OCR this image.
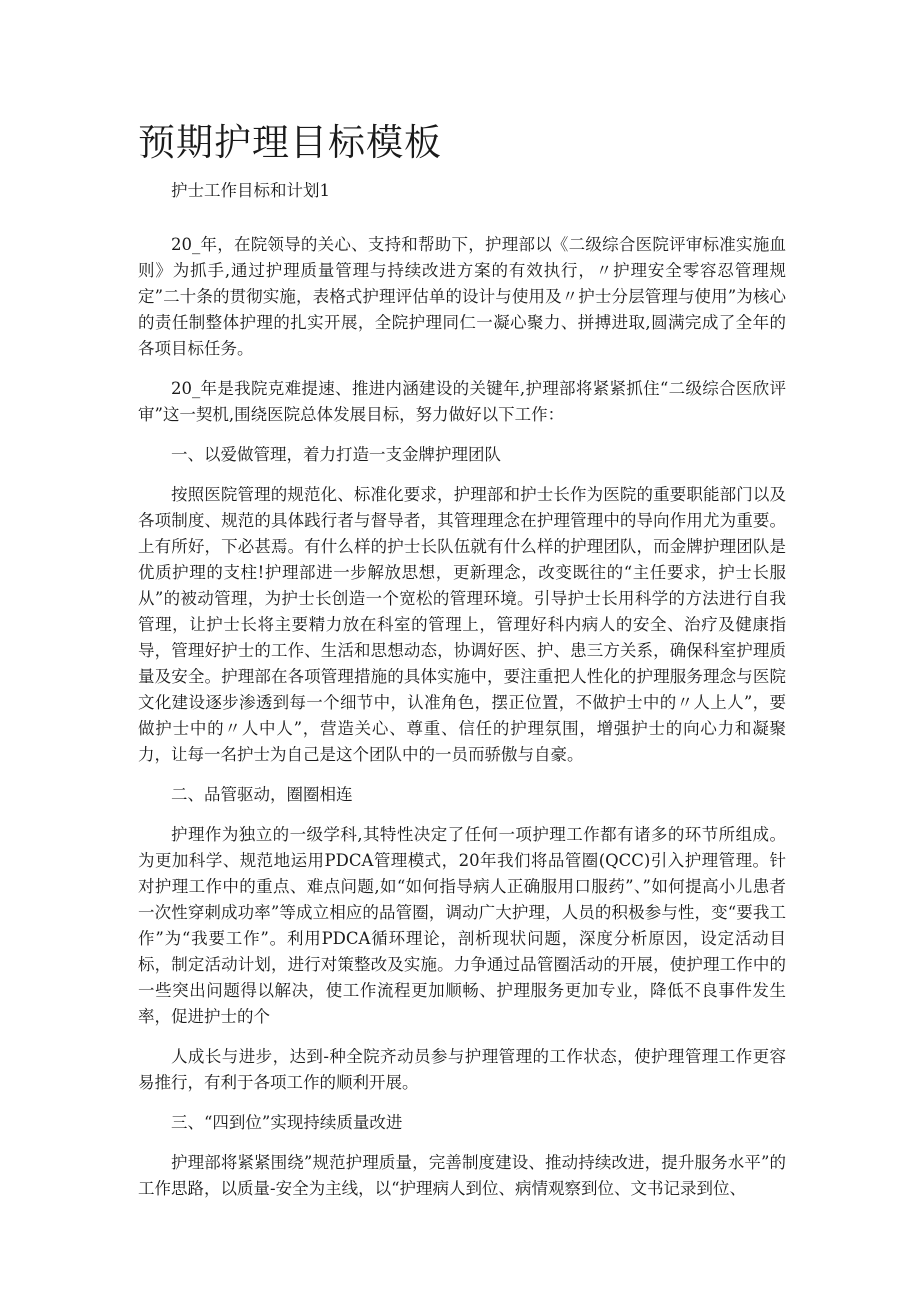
预期护理目标模板

护士工作目标和计划1

20_年，在院领导的关心、支持和帮助下，护理部以《二级综合医院评审标准实施血则》为抓手,通过护理质量管理与持续改进方案的有效执行，〃护理安全零容忍管理规定”二十条的贯彻实施，表格式护理评估单的设计与使用及〃护士分层管理与使用”为核心的责任制整体护理的扎实开展，全院护理同仁一凝心聚力、拼搏进取,圆满完成了全年的各项目标任务。

20_年是我院克难提速、推进内涵建设的关键年,护理部将紧紧抓住“二级综合医欣评审”这一契机,围绕医院总体发展目标，努力做好以下工作：

一、以爱做管理，着力打造一支金牌护理团队

按照医院管理的规范化、标准化要求，护理部和护士长作为医院的重要职能部门以及各项制度、规范的具体践行者与督导者，其管理理念在护理管理中的导向作用尤为重要。上有所好，下必甚焉。有什么样的护士长队伍就有什么样的护理团队，而金牌护理团队是优质护理的支柱!护理部进一步解放思想，更新理念，改变既往的“主任要求，护士长服从”的被动管理，为护士长创造一个宽松的管理环境。引导护士长用科学的方法进行自我管理，让护士长将主要精力放在科室的管理上，管理好科内病人的安全、治疗及健康指导，管理好护士的工作、生活和思想动态，协调好医、护、患三方关系，确保科室护理质量及安全。护理部在各项管理措施的具体实施中，要注重把人性化的护理服务理念与医院文化建设逐步渗透到每一个细节中，认准角色，摆正位置，不做护士中的〃人上人”，要做护士中的〃人中人”，营造关心、尊重、信任的护理氛围，增强护士的向心力和凝聚力，让每一名护士为自己是这个团队中的一员而骄傲与自豪。

二、品管驱动，圈圈相连

护理作为独立的一级学科,其特性决定了任何一项护理工作都有诸多的环节所组成。为更加科学、规范地运用PDCA管理模式，20年我们将品管圈(QCC)引入护理管理。针对护理工作中的重点、难点问题,如“如何指导病人正确服用口服药”、”如何提高小儿患者一次性穿刺成功率”等成立相应的品管圈，调动广大护理，人员的积极参与性，变“要我工作”为“我要工作”。利用PDCA循环理论，剖析现状问题，深度分析原因，设定活动目标，制定活动计划，进行对策整改及实施。力争通过品管圈活动的开展，使护理工作中的一些突出问题得以解决，使工作流程更加顺畅、护理服务更加专业，降低不良事件发生率，促进护士的个

人成长与进步，达到-种全院齐动员参与护理管理的工作状态，使护理管理工作更容易推行，有利于各项工作的顺利开展。

三、“四到位”实现持续质量改进

护理部将紧紧围绕”规范护理质量，完善制度建设、推动持续改进，提升服务水平”的工作思路，以质量-安全为主线，以“护理病人到位、病情观察到位、文书记录到位、
